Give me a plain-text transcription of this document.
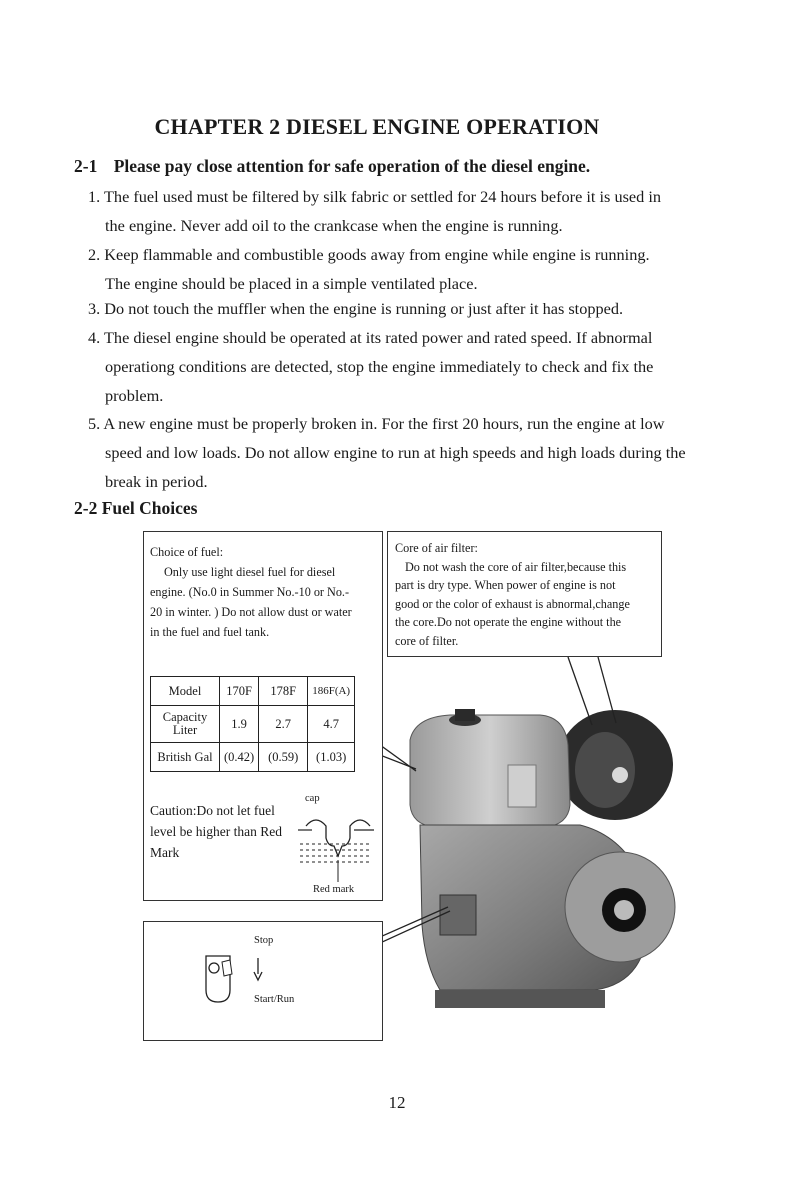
CHAPTER 2 DIESEL ENGINE OPERATION
2-1 Please pay close attention for safe operation of the diesel engine.
1. The fuel used must be filtered by silk fabric or settled for 24 hours before it is used in
the engine. Never add oil to the crankcase when the engine is running.
2. Keep flammable and combustible goods away from engine while engine is running.
The engine should be placed in a simple ventilated place.
3. Do not touch the muffler when the engine is running or just after it has stopped.
4. The diesel engine should be operated at its rated power and rated speed. If abnormal
operationg conditions are detected, stop the engine immediately to check and fix the
problem.
5. A new engine must be properly broken in. For the first 20 hours, run the engine at low
speed and low loads. Do not allow engine to run at high speeds and high loads during the
break in period.
2-2 Fuel Choices
Choice of fuel:
Only use light diesel fuel for diesel
engine. (No.0 in Summer No.-10 or No.-
20 in winter. ) Do not allow dust or water
in the fuel and fuel tank.
Model	170F	178F	186F(A)

Capacity
Liter	1.9	2.7	4.7
British Gal	(0.42)	(0.59)	(1.03)
Caution:Do not let fuel
level be higher than Red
Mark
cap
Red mark
Core of air filter:
Do not wash the core of air filter,because this
part is dry type. When power of engine is not
good or the color of exhaust is abnormal,change
the core.Do not operate the engine without the
core of filter.
Stop
Start/Run
12
